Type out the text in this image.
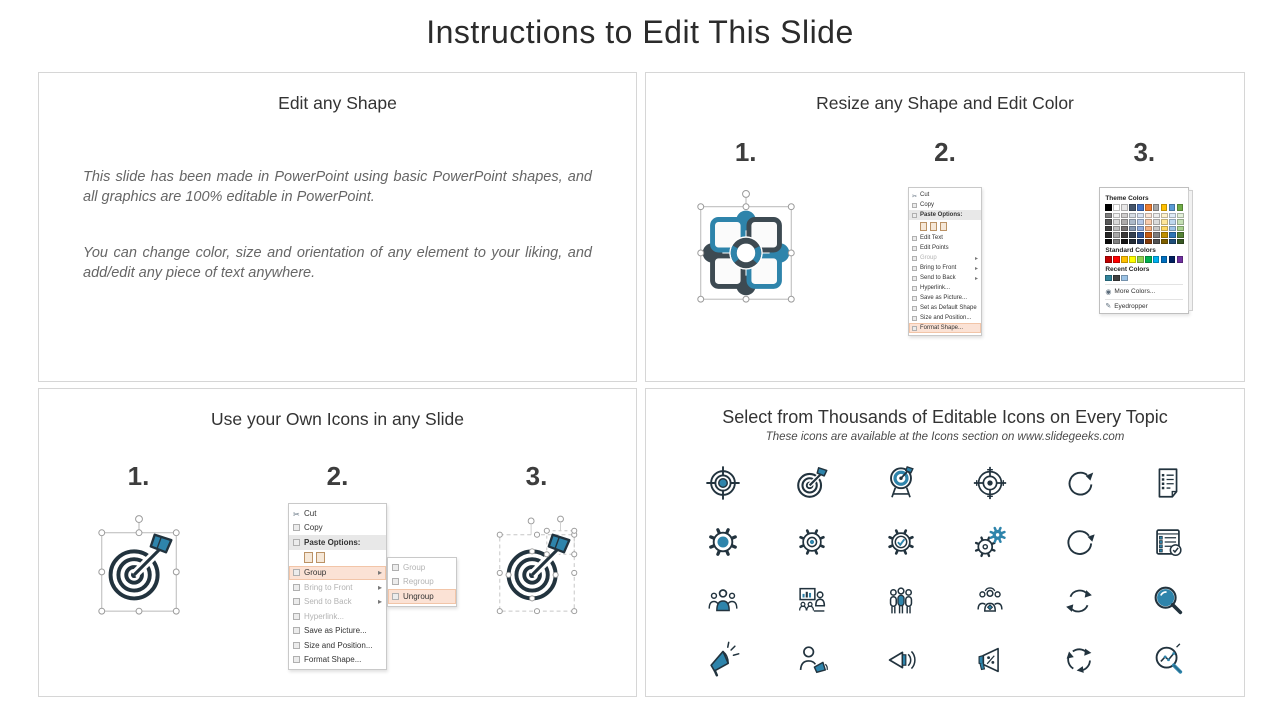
Instructions to Edit This Slide
Edit any Shape

This slide has been made in PowerPoint using basic PowerPoint shapes, and all graphics are 100% editable in PowerPoint.

You can change color, size and orientation of any element to your liking, and add/edit any piece of text anywhere.

Resize any Shape and Edit Color
1.	2.
✂ Cut
Copy
Paste Options:
Edit Text
Edit Points
Group	▸
Bring to Front	▸
Send to Back	▸
Hyperlink...
Save as Picture...
Set as Default Shape
Size and Position...
Format Shape...
3.
Theme Colors
Standard Colors
Recent Colors
◉ More Colors...
✎ Eyedropper
Use your Own Icons in any Slide
1.	2.
✂ Cut
Copy
Paste Options:
Group	▸
Bring to Front	▸
Send to Back	▸
Hyperlink...
Save as Picture...
Size and Position...
Format Shape...
Group
Regroup
Ungroup
3.
Select from Thousands of Editable Icons on Every Topic
These icons are available at the Icons section on www.slidegeeks.com
